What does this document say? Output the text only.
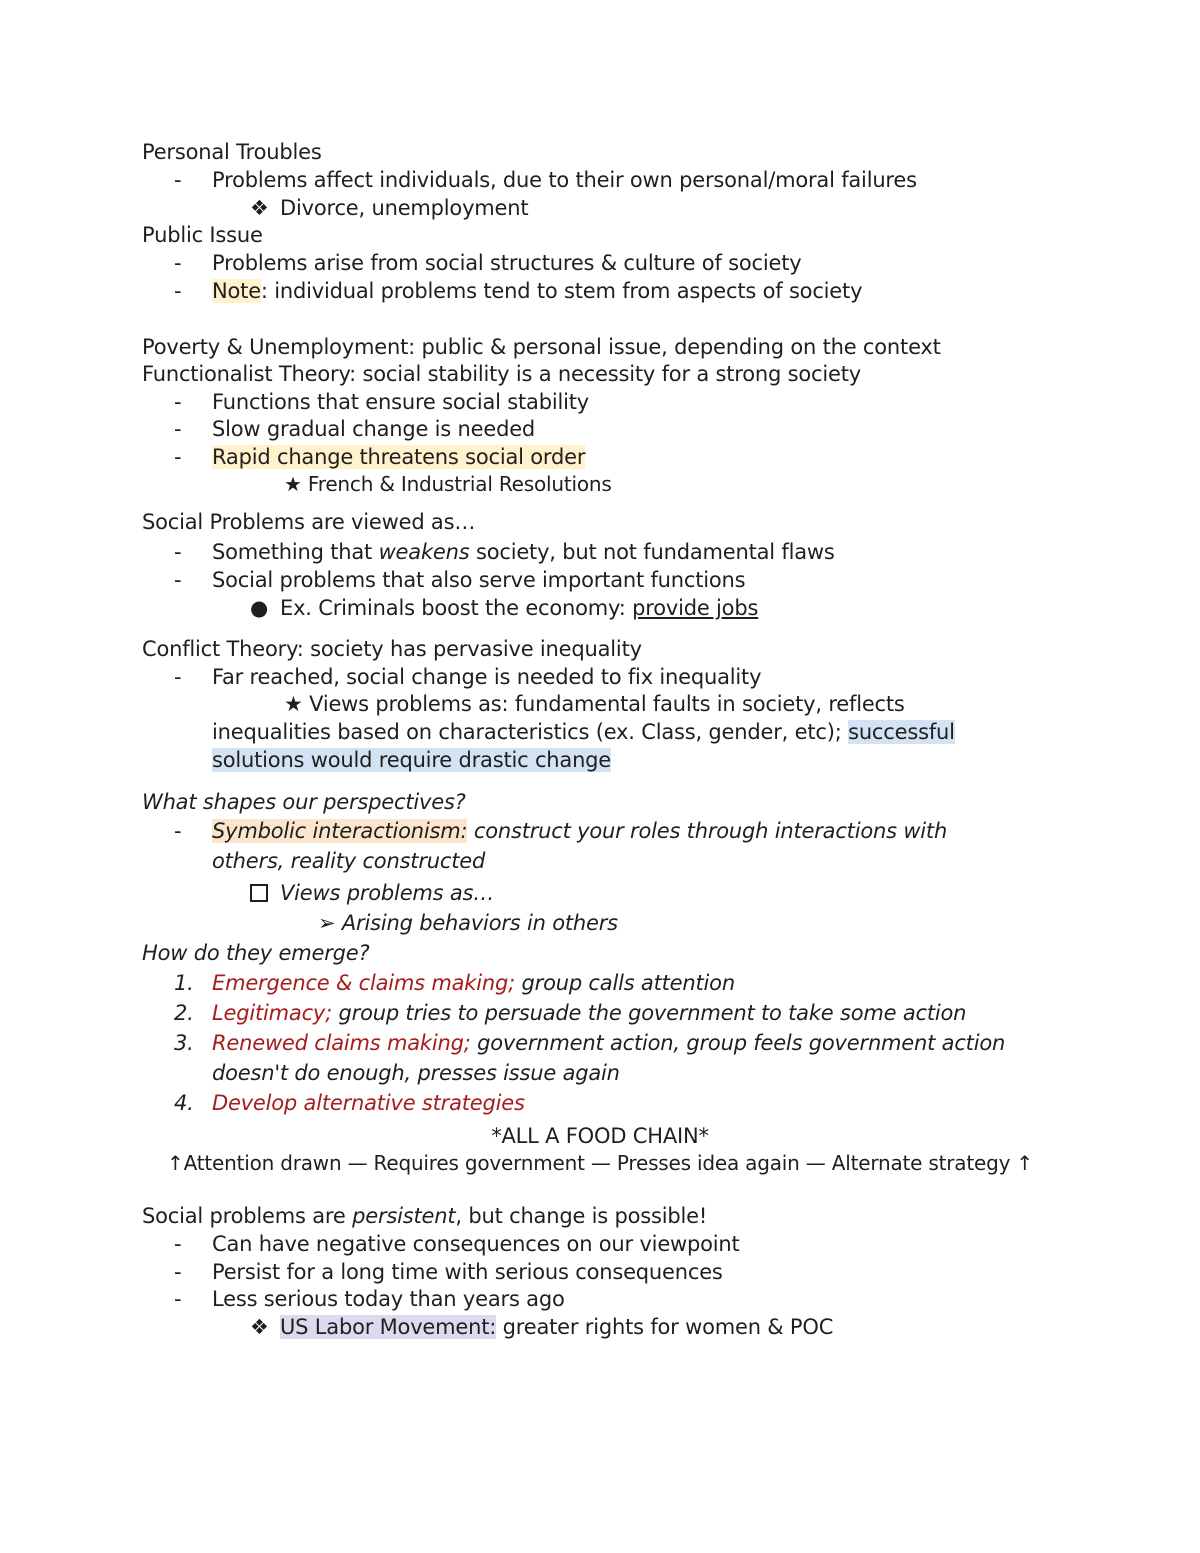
Personal Troubles
- Problems affect individuals, due to their own personal/moral failures
❖ Divorce, unemployment
Public Issue
- Problems arise from social structures & culture of society
- Note: individual problems tend to stem from aspects of society
Poverty & Unemployment: public & personal issue, depending on the context
Functionalist Theory: social stability is a necessity for a strong society
- Functions that ensure social stability
- Slow gradual change is needed
- Rapid change threatens social order
★ French & Industrial Resolutions
Social Problems are viewed as…
- Something that weakens society, but not fundamental flaws
- Social problems that also serve important functions
● Ex. Criminals boost the economy: provide jobs
Conflict Theory: society has pervasive inequality
- Far reached, social change is needed to fix inequality
★ Views problems as: fundamental faults in society, reflects
inequalities based on characteristics (ex. Class, gender, etc); successful
solutions would require drastic change
What shapes our perspectives?
- Symbolic interactionism: construct your roles through interactions with
others, reality constructed
Views problems as…
➢ Arising behaviors in others
How do they emerge?
1. Emergence & claims making; group calls attention
2. Legitimacy; group tries to persuade the government to take some action
3. Renewed claims making; government action, group feels government action
doesn't do enough, presses issue again
4. Develop alternative strategies
*ALL A FOOD CHAIN*
↑Attention drawn — Requires government — Presses idea again — Alternate strategy ↑
Social problems are persistent, but change is possible!
- Can have negative consequences on our viewpoint
- Persist for a long time with serious consequences
- Less serious today than years ago
❖ US Labor Movement: greater rights for women & POC
